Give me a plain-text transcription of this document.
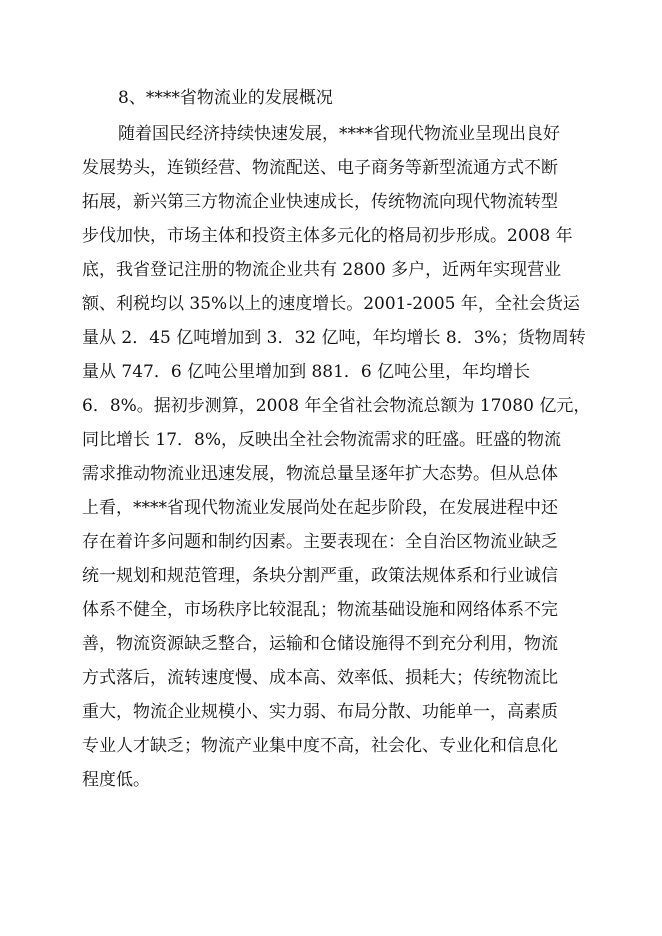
8、****省物流业的发展概况
随着国民经济持续快速发展，****省现代物流业呈现出良好
发展势头，连锁经营、物流配送、电子商务等新型流通方式不断
拓展，新兴第三方物流企业快速成长，传统物流向现代物流转型
步伐加快，市场主体和投资主体多元化的格局初步形成。2008 年
底，我省登记注册的物流企业共有 2800 多户，近两年实现营业
额、利税均以 35%以上的速度增长。2001-2005 年，全社会货运
量从 2．45 亿吨增加到 3．32 亿吨，年均增长 8．3%；货物周转
量从 747．6 亿吨公里增加到 881．6 亿吨公里，年均增长
6．8%。据初步测算，2008 年全省社会物流总额为 17080 亿元，
同比增长 17．8%，反映出全社会物流需求的旺盛。旺盛的物流
需求推动物流业迅速发展，物流总量呈逐年扩大态势。但从总体
上看，****省现代物流业发展尚处在起步阶段，在发展进程中还
存在着许多问题和制约因素。主要表现在：全自治区物流业缺乏
统一规划和规范管理，条块分割严重，政策法规体系和行业诚信
体系不健全，市场秩序比较混乱；物流基础设施和网络体系不完
善，物流资源缺乏整合，运输和仓储设施得不到充分利用，物流
方式落后，流转速度慢、成本高、效率低、损耗大；传统物流比
重大，物流企业规模小、实力弱、布局分散、功能单一，高素质
专业人才缺乏；物流产业集中度不高，社会化、专业化和信息化
程度低。
